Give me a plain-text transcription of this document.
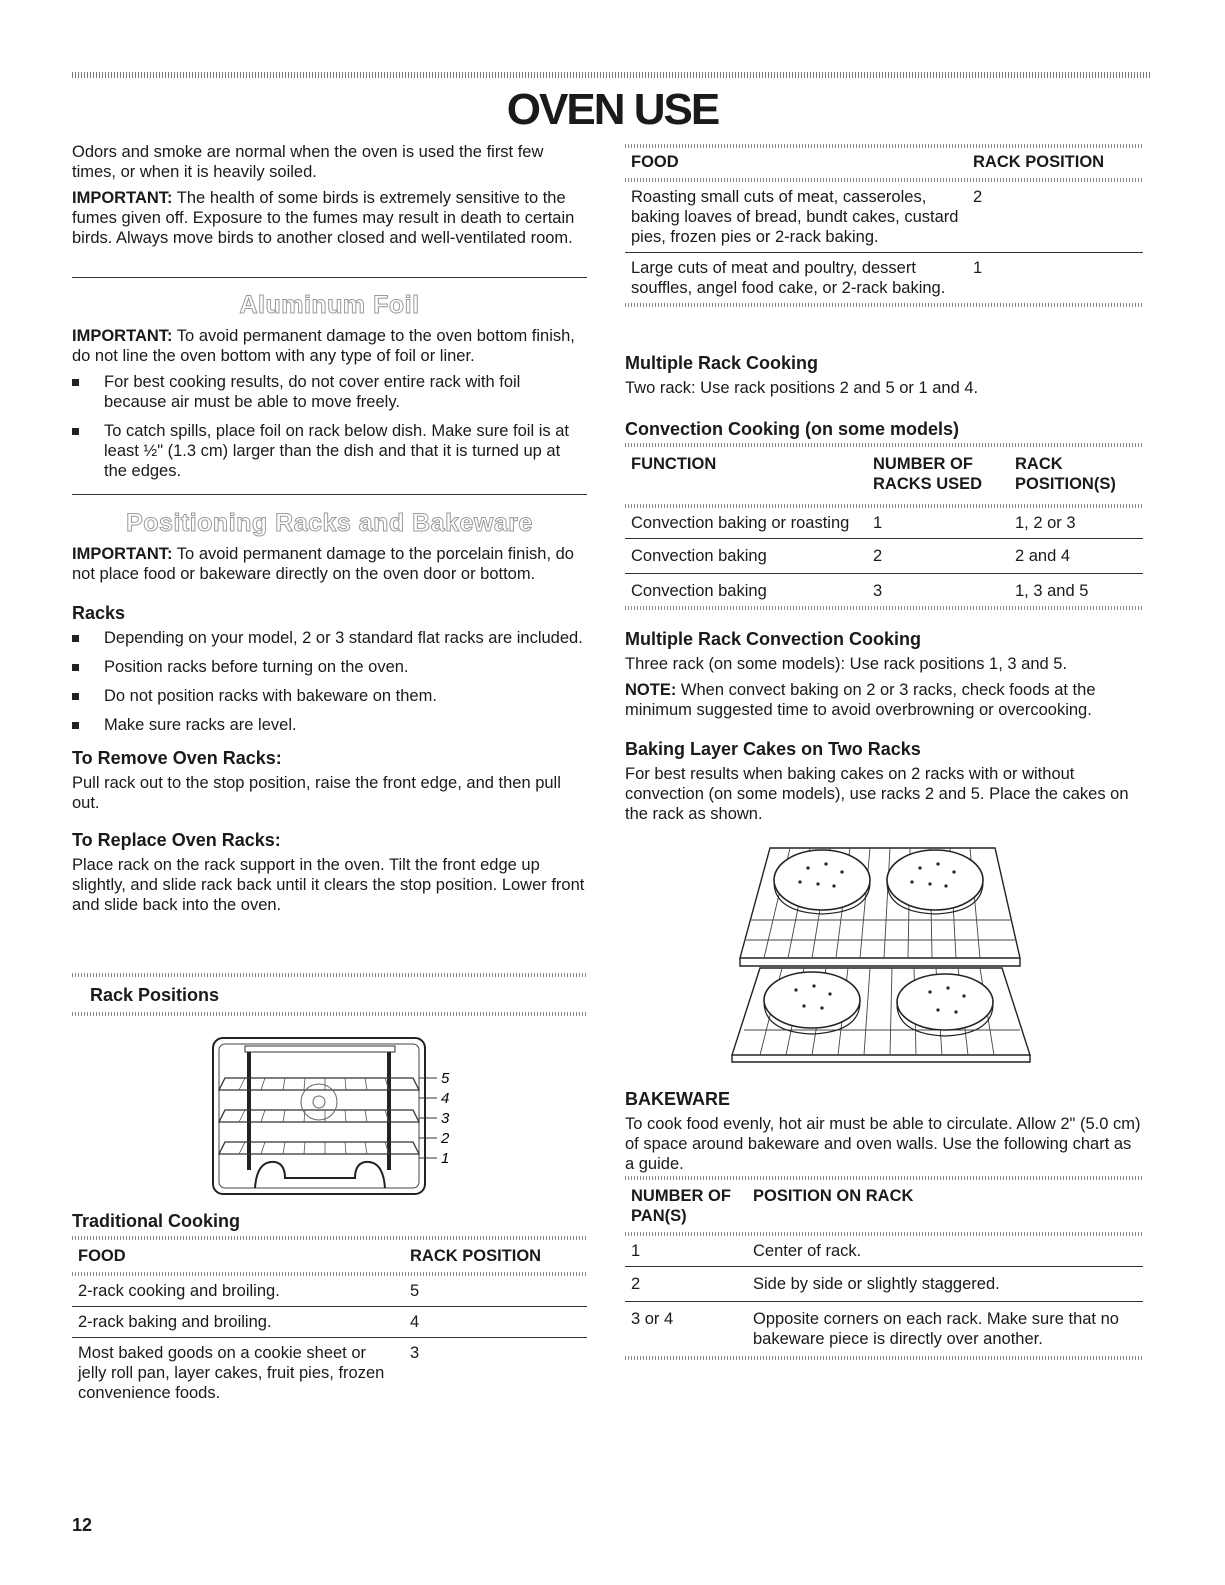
OVEN USE

Odors and smoke are normal when the oven is used the first few times, or when it is heavily soiled.

IMPORTANT: The health of some birds is extremely sensitive to the fumes given off. Exposure to the fumes may result in death to certain birds. Always move birds to another closed and well-ventilated room.

Aluminum Foil

IMPORTANT: To avoid permanent damage to the oven bottom finish, do not line the oven bottom with any type of foil or liner.

For best cooking results, do not cover entire rack with foil because air must be able to move freely.
To catch spills, place foil on rack below dish. Make sure foil is at least ½" (1.3 cm) larger than the dish and that it is turned up at the edges.
Positioning Racks and Bakeware

IMPORTANT: To avoid permanent damage to the porcelain finish, do not place food or bakeware directly on the oven door or bottom.

Racks
Depending on your model, 2 or 3 standard flat racks are included.
Position racks before turning on the oven.
Do not position racks with bakeware on them.
Make sure racks are level.
To Remove Oven Racks:

Pull rack out to the stop position, raise the front edge, and then pull out.

To Replace Oven Racks:

Place rack on the rack support in the oven. Tilt the front edge up slightly, and slide rack back until it clears the stop position. Lower front and slide back into the oven.

Rack Positions
5
4
3
2
1
Traditional Cooking
FOOD	RACK POSITION
2-rack cooking and broiling.	5
2-rack baking and broiling.	4
Most baked goods on a cookie sheet or jelly roll pan, layer cakes, fruit pies, frozen convenience foods.	3
12
FOOD	RACK POSITION
Roasting small cuts of meat, casseroles, baking loaves of bread, bundt cakes, custard pies, frozen pies or 2-rack baking.	2
Large cuts of meat and poultry, dessert souffles, angel food cake, or 2-rack baking.	1
Multiple Rack Cooking

Two rack: Use rack positions 2 and 5 or 1 and 4.

Convection Cooking (on some models)
FUNCTION	NUMBER OF RACKS USED	RACK POSITION(S)
Convection baking or roasting	1	1, 2 or 3
Convection baking	2	2 and 4
Convection baking	3	1, 3 and 5
Multiple Rack Convection Cooking

Three rack (on some models): Use rack positions 1, 3 and 5.

NOTE: When convect baking on 2 or 3 racks, check foods at the minimum suggested time to avoid overbrowning or overcooking.

Baking Layer Cakes on Two Racks

For best results when baking cakes on 2 racks with or without convection (on some models), use racks 2 and 5. Place the cakes on the rack as shown.

BAKEWARE

To cook food evenly, hot air must be able to circulate. Allow 2" (5.0 cm) of space around bakeware and oven walls. Use the following chart as a guide.

NUMBER OF PAN(S)	POSITION ON RACK
1	Center of rack.
2	Side by side or slightly staggered.
3 or 4	Opposite corners on each rack. Make sure that no bakeware piece is directly over another.
